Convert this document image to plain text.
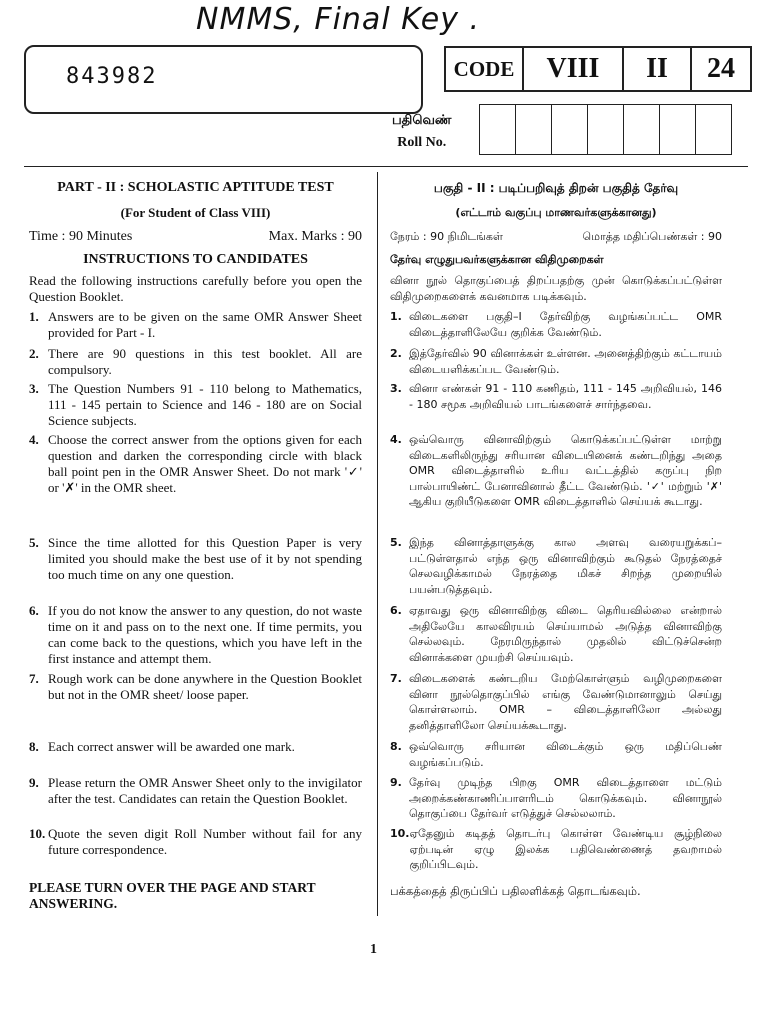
NMMS, Final Key .
843982	CODE	VIII	II	24
பதிவெண்
Roll No.

PART - II : SCHOLASTIC APTITUDE TEST
(For Student of Class VIII)
Time : 90 Minutes	Max. Marks : 90
INSTRUCTIONS TO CANDIDATES
Read the following instructions carefully before you open the Question Booklet.
1. Answers are to be given on the same OMR Answer Sheet provided for Part - I.
2. There are 90 questions in this test booklet. All are compulsory.
3. The Question Numbers 91 - 110 belong to Mathematics, 111 - 145 pertain to Science and 146 - 180 are on Social Science subjects.
4. Choose the correct answer from the options given for each question and darken the corresponding circle with black ball point pen in the OMR Answer Sheet. Do not mark '✓' or '✗' in the OMR sheet.
5. Since the time allotted for this Question Paper is very limited you should make the best use of it by not spending too much time on any one question.
6. If you do not know the answer to any question, do not waste time on it and pass on to the next one. If time permits, you can come back to the questions, which you have left in the first instance and attempt them.
7. Rough work can be done anywhere in the Question Booklet but not in the OMR sheet/ loose paper.
8. Each correct answer will be awarded one mark.
9. Please return the OMR Answer Sheet only to the invigilator after the test. Candidates can retain the Question Booklet.
10. Quote the seven digit Roll Number without fail for any future correspondence.
PLEASE TURN OVER THE PAGE AND START ANSWERING.
பகுதி - II : படிப்பறிவுத் திறன் பகுதித் தேர்வு
(எட்டாம் வகுப்பு மாணவர்களுக்கானது)
நேரம் : 90 நிமிடங்கள்	மொத்த மதிப்பெண்கள் : 90
தேர்வு எழுதுபவர்களுக்கான விதிமுறைகள்
வினா நூல் தொகுப்பைத் திறப்பதற்கு முன் கொடுக்கப்பட்டுள்ள விதிமுறைகளைக் கவனமாக படிக்கவும்.
1. விடைகளை பகுதி–I தேர்விற்கு வழங்கப்பட்ட OMR விடைத்தாளிலேயே குறிக்க வேண்டும்.
2. இத்தேர்வில் 90 வினாக்கள் உள்ளன. அனைத்திற்கும் கட்டாயம் விடையளிக்கப்பட வேண்டும்.
3. வினா எண்கள் 91 - 110 கணிதம், 111 - 145 அறிவியல், 146 - 180 சமூக அறிவியல் பாடங்களைச் சார்ந்தவை.
4. ஒவ்வொரு வினாவிற்கும் கொடுக்கப்பட்டுள்ள மாற்று விடைகளிலிருந்து சரியான விடையினைக் கண்டறிந்து அதை OMR விடைத்தாளில் உரிய வட்டத்தில் கருப்பு நிற பால்பாயிண்ட் பேனாவினால் தீட்ட வேண்டும். '✓' மற்றும் '✗' ஆகிய குறியீடுகளை OMR விடைத்தாளில் செய்யக் கூடாது.
5. இந்த வினாத்தாளுக்கு கால அளவு வரையறுக்கப்–பட்டுள்ளதால் எந்த ஒரு வினாவிற்கும் கூடுதல் நேரத்தைச் செலவழிக்காமல் நேரத்தை மிகச் சிறந்த முறையில் பயன்படுத்தவும்.
6. ஏதாவது ஒரு வினாவிற்கு விடை தெரியவில்லை என்றால் அதிலேயே காலவிரயம் செய்யாமல் அடுத்த வினாவிற்கு செல்லவும். நேரமிருந்தால் முதலில் விட்டுச்சென்ற வினாக்களை முயற்சி செய்யவும்.
7. விடைகளைக் கண்டறிய மேற்கொள்ளும் வழிமுறைகளை வினா நூல்தொகுப்பில் எங்கு வேண்டுமானாலும் செய்து கொள்ளலாம். OMR – விடைத்தாளிலோ அல்லது தனித்தாளிலோ செய்யக்கூடாது.
8. ஒவ்வொரு சரியான விடைக்கும் ஒரு மதிப்பெண் வழங்கப்படும்.
9. தேர்வு முடிந்த பிறகு OMR விடைத்தாளை மட்டும் அறைக்கண்காணிப்பாளரிடம் கொடுக்கவும். வினாநூல் தொகுப்பை தேர்வர் எடுத்துச் செல்லலாம்.
10. ஏதேனும் கடிதத் தொடர்பு கொள்ள வேண்டிய சூழ்நிலை ஏற்படின் ஏழு இலக்க பதிவெண்ணைத் தவறாமல் குறிப்பிடவும்.
பக்கத்தைத் திருப்பிப் பதிலளிக்கத் தொடங்கவும்.
1
